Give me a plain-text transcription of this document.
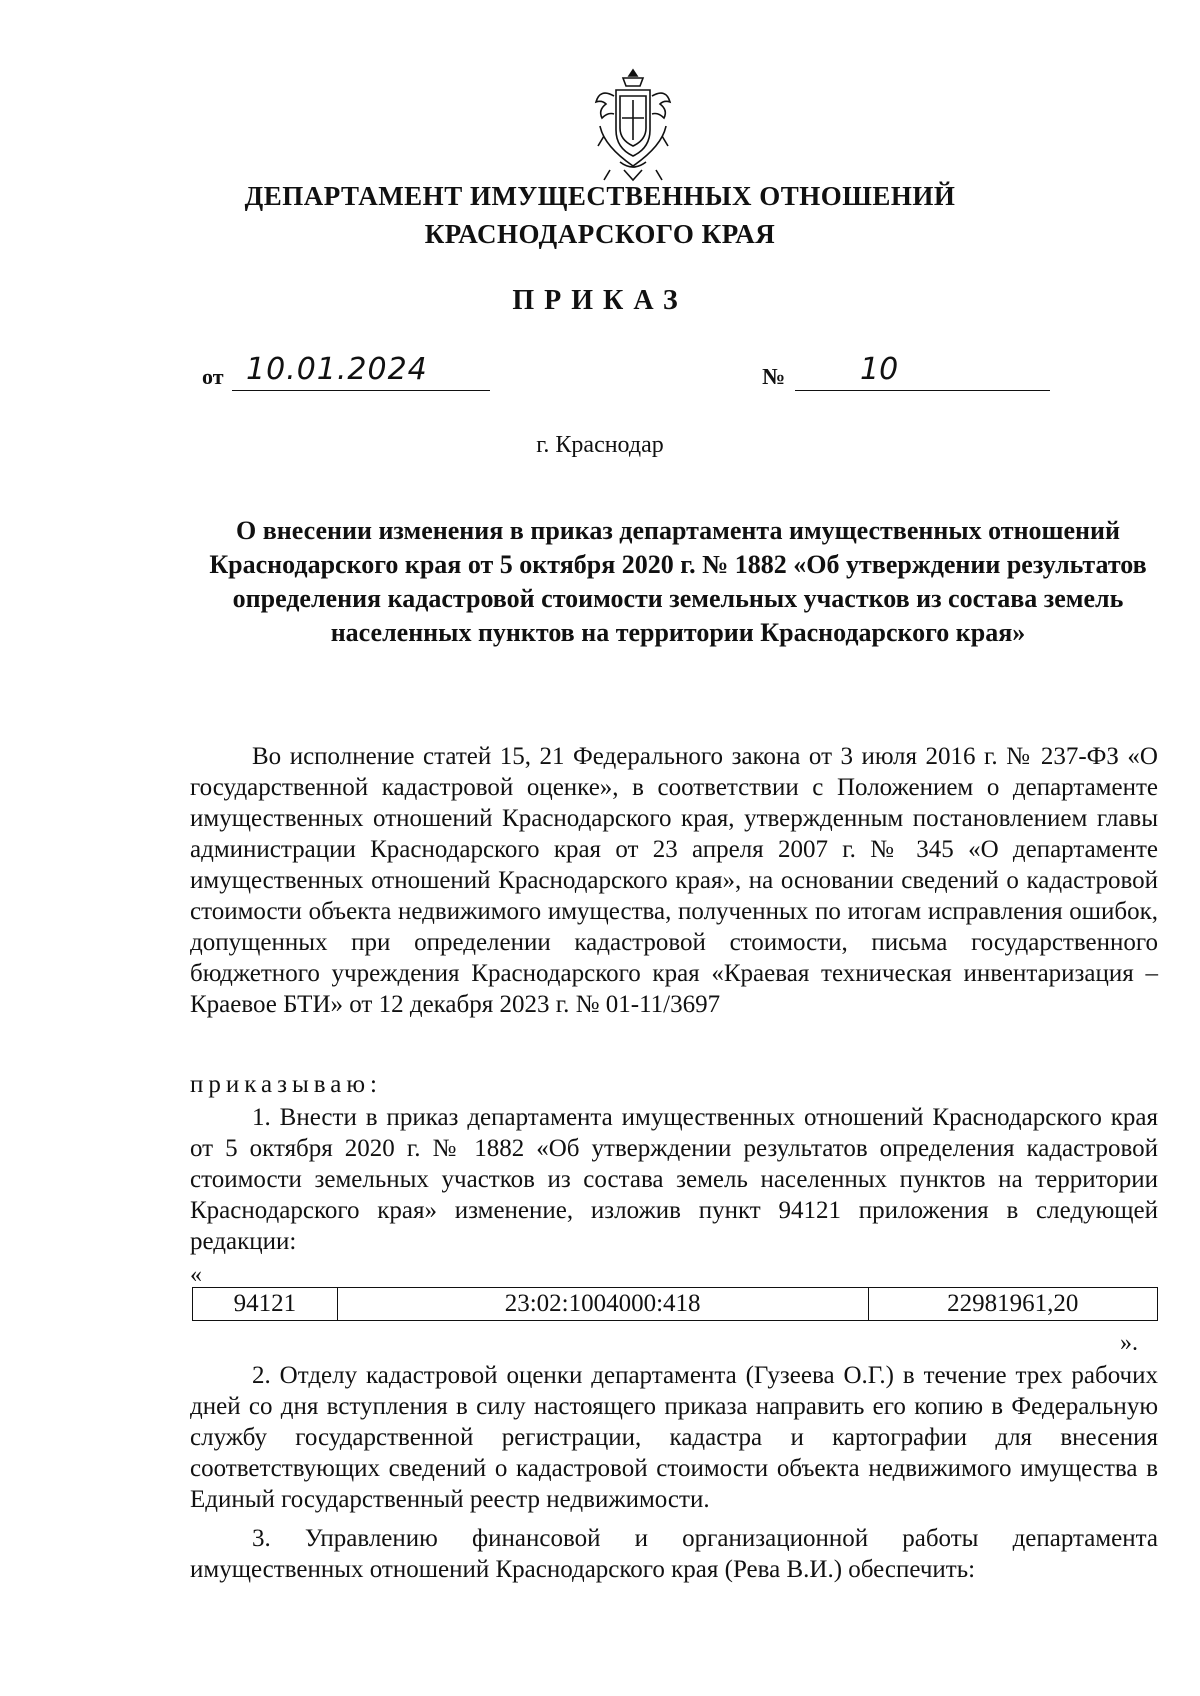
ДЕПАРТАМЕНТ ИМУЩЕСТВЕННЫХ ОТНОШЕНИЙ
КРАСНОДАРСКОГО КРАЯ
ПРИКАЗ
от 10.01.2024	№ 10
г. Краснодар
О внесении изменения в приказ департамента имущественных отношений Краснодарского края от 5 октября 2020 г. № 1882 «Об утверждении результатов определения кадастровой стоимости земельных участков из состава земель населенных пунктов на территории Краснодарского края»
Во исполнение статей 15, 21 Федерального закона от 3 июля 2016 г. № 237-ФЗ «О государственной кадастровой оценке», в соответствии с Положением о департаменте имущественных отношений Краснодарского края, утвержденным постановлением главы администрации Краснодарского края от 23 апреля 2007 г. № 345 «О департаменте имущественных отношений Краснодарского края», на основании сведений о кадастровой стоимости объекта недвижимого имущества, полученных по итогам исправления ошибок, допущенных при определении кадастровой стоимости, письма государственного бюджетного учреждения Краснодарского края «Краевая техническая инвентаризация – Краевое БТИ» от 12 декабря 2023 г. № 01-11/3697
приказываю:
1. Внести в приказ департамента имущественных отношений Краснодарского края от 5 октября 2020 г. № 1882 «Об утверждении результатов определения кадастровой стоимости земельных участков из состава земель населенных пунктов на территории Краснодарского края» изменение, изложив пункт 94121 приложения в следующей редакции:
«
94121	23:02:1004000:418	22981961,20
».
2. Отделу кадастровой оценки департамента (Гузеева О.Г.) в течение трех рабочих дней со дня вступления в силу настоящего приказа направить его копию в Федеральную службу государственной регистрации, кадастра и картографии для внесения соответствующих сведений о кадастровой стоимости объекта недвижимого имущества в Единый государственный реестр недвижимости.
3. Управлению финансовой и организационной работы департамента имущественных отношений Краснодарского края (Рева В.И.) обеспечить:
